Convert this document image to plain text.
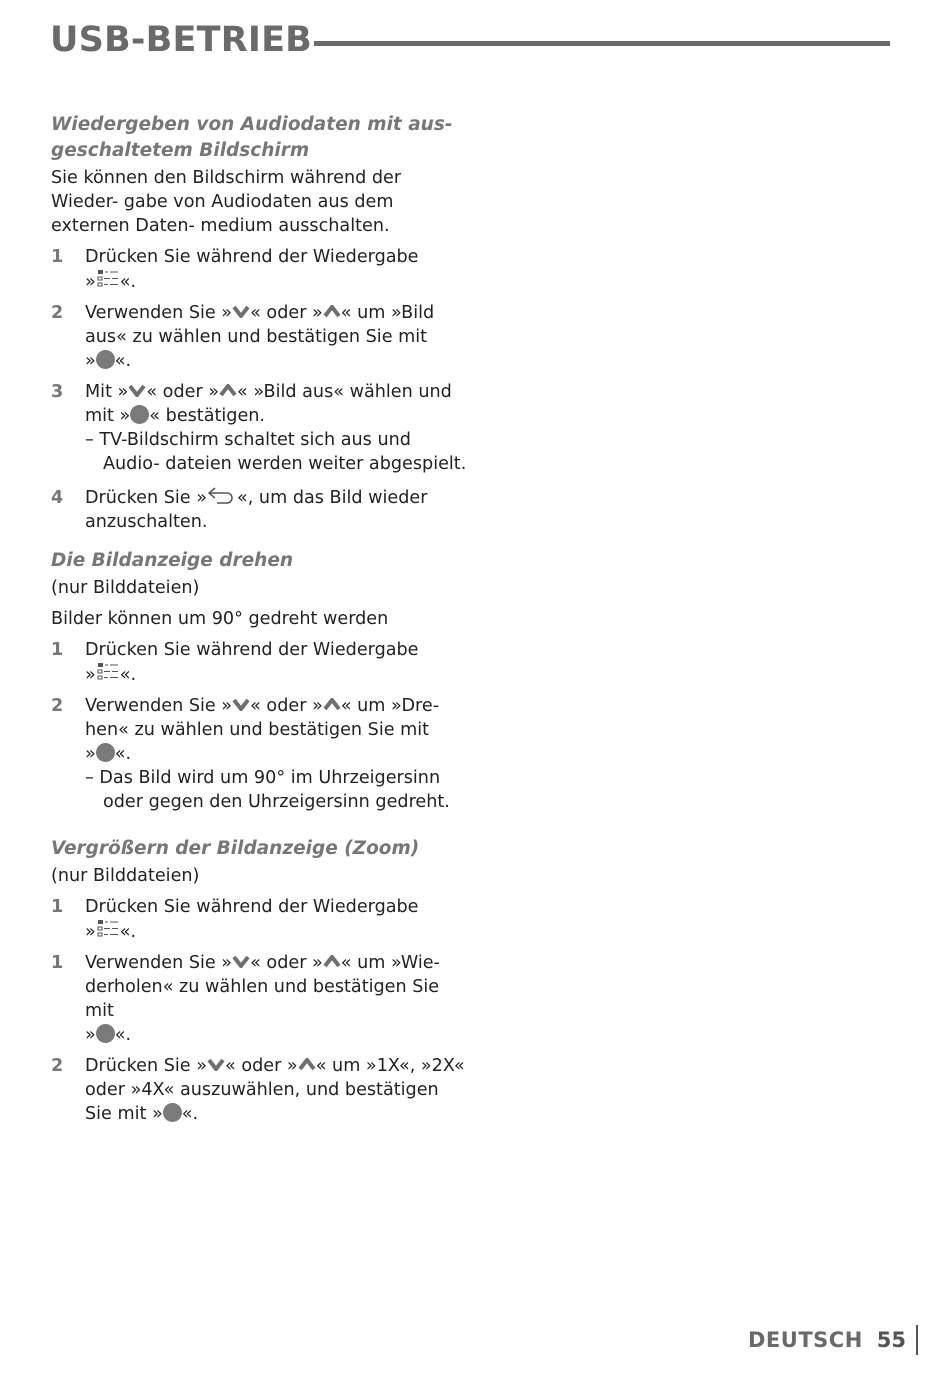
USB-BETRIEB
Wiedergeben von Audiodaten mit aus- geschaltetem Bildschirm
Sie können den Bildschirm während der Wieder- gabe von Audiodaten aus dem externen Daten- medium ausschalten.
1	Drücken Sie während der Wiedergabe
» «.
2	Verwenden Sie » « oder » « um »Bild aus« zu wählen und bestätigen Sie mit
» «.
3	Mit » « oder » « »Bild aus« wählen und mit » « bestätigen.
– TV-Bildschirm schaltet sich aus und Audio- dateien werden weiter abgespielt.
4	Drücken Sie » «, um das Bild wieder anzuschalten.
Die Bildanzeige drehen
(nur Bilddateien)
Bilder können um 90° gedreht werden
1	Drücken Sie während der Wiedergabe
» «.
2	Verwenden Sie » « oder » « um »Dre- hen« zu wählen und bestätigen Sie mit
» «.
– Das Bild wird um 90° im Uhrzeigersinn oder gegen den Uhrzeigersinn gedreht.
Vergrößern der Bildanzeige (Zoom)
(nur Bilddateien)
1	Drücken Sie während der Wiedergabe
» «.
1	Verwenden Sie » « oder » « um »Wie- derholen« zu wählen und bestätigen Sie mit
» «.
2	Drücken Sie » « oder » « um »1X«, »2X« oder »4X« auszuwählen, und bestätigen Sie mit » «.
DEUTSCH 55
